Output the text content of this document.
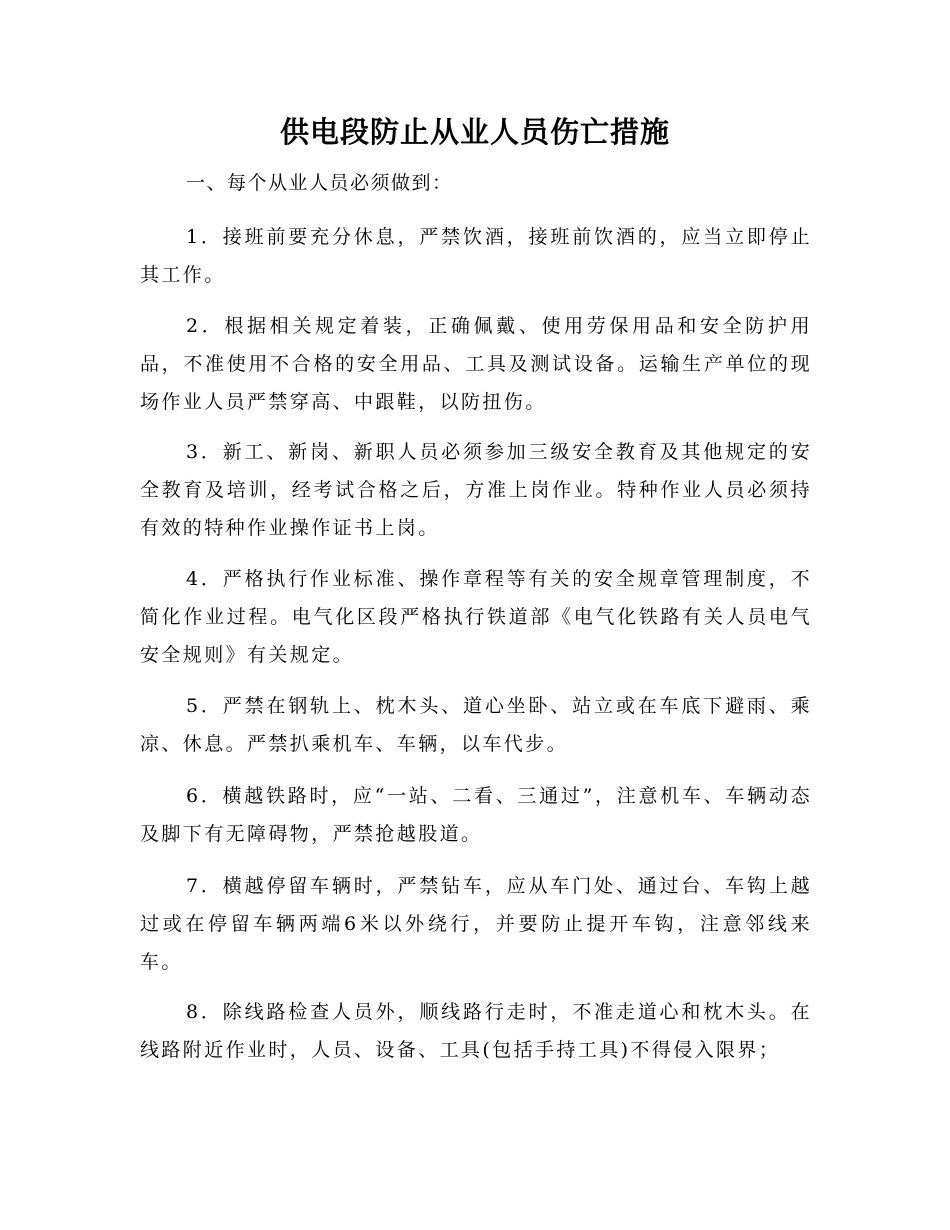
供电段防止从业人员伤亡措施
一、每个从业人员必须做到：
1．接班前要充分休息，严禁饮酒，接班前饮酒的，应当立即停止其工作。
2．根据相关规定着装，正确佩戴、使用劳保用品和安全防护用品，不准使用不合格的安全用品、工具及测试设备。运输生产单位的现场作业人员严禁穿高、中跟鞋，以防扭伤。
3．新工、新岗、新职人员必须参加三级安全教育及其他规定的安全教育及培训，经考试合格之后，方准上岗作业。特种作业人员必须持有效的特种作业操作证书上岗。
4．严格执行作业标准、操作章程等有关的安全规章管理制度，不简化作业过程。电气化区段严格执行铁道部《电气化铁路有关人员电气安全规则》有关规定。
5．严禁在钢轨上、枕木头、道心坐卧、站立或在车底下避雨、乘凉、休息。严禁扒乘机车、车辆，以车代步。
6．横越铁路时，应“一站、二看、三通过”，注意机车、车辆动态及脚下有无障碍物，严禁抢越股道。
7．横越停留车辆时，严禁钻车，应从车门处、通过台、车钩上越过或在停留车辆两端6米以外绕行，并要防止提开车钩，注意邻线来车。
8．除线路检查人员外，顺线路行走时，不准走道心和枕木头。在线路附近作业时，人员、设备、工具(包括手持工具)不得侵入限界；
